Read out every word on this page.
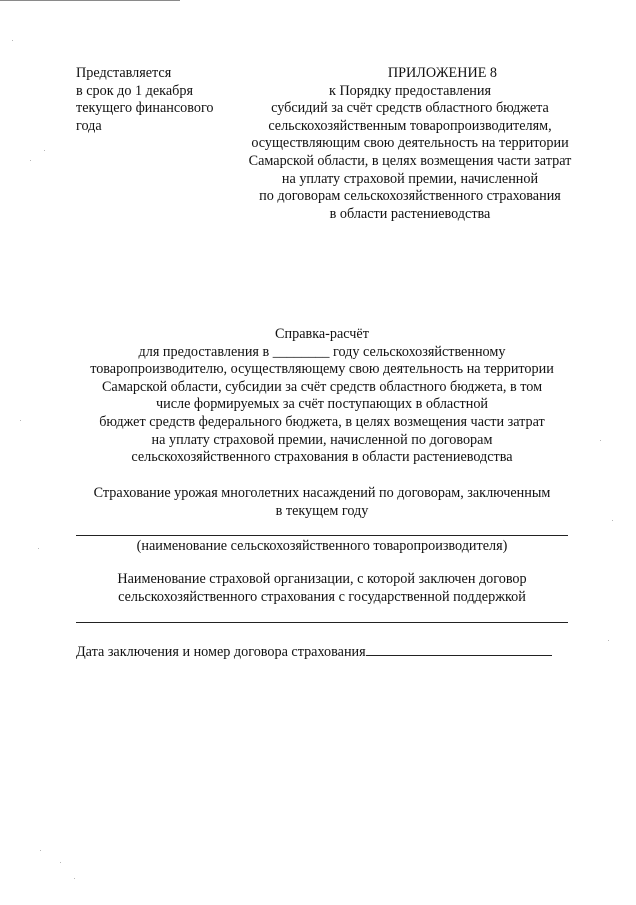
Представляется
в срок до 1 декабря
текущего финансового
года
ПРИЛОЖЕНИЕ 8
к Порядку предоставления
субсидий за счёт средств областного бюджета
сельскохозяйственным товаропроизводителям,
осуществляющим свою деятельность на территории
Самарской области, в целях возмещения части затрат
на уплату страховой премии, начисленной
по договорам сельскохозяйственного страхования
в области растениеводства
Справка-расчёт
для предоставления в ________ году сельскохозяйственному
товаропроизводителю, осуществляющему свою деятельность на территории
Самарской области, субсидии за счёт средств областного бюджета, в том
числе формируемых за счёт поступающих в областной
бюджет средств федерального бюджета, в целях возмещения части затрат
на уплату страховой премии, начисленной по договорам
сельскохозяйственного страхования в области растениеводства
Страхование урожая многолетних насаждений по договорам, заключенным
в текущем году
(наименование сельскохозяйственного товаропроизводителя)
Наименование страховой организации, с которой заключен договор
сельскохозяйственного страхования с государственной поддержкой
Дата заключения и номер договора страхования
